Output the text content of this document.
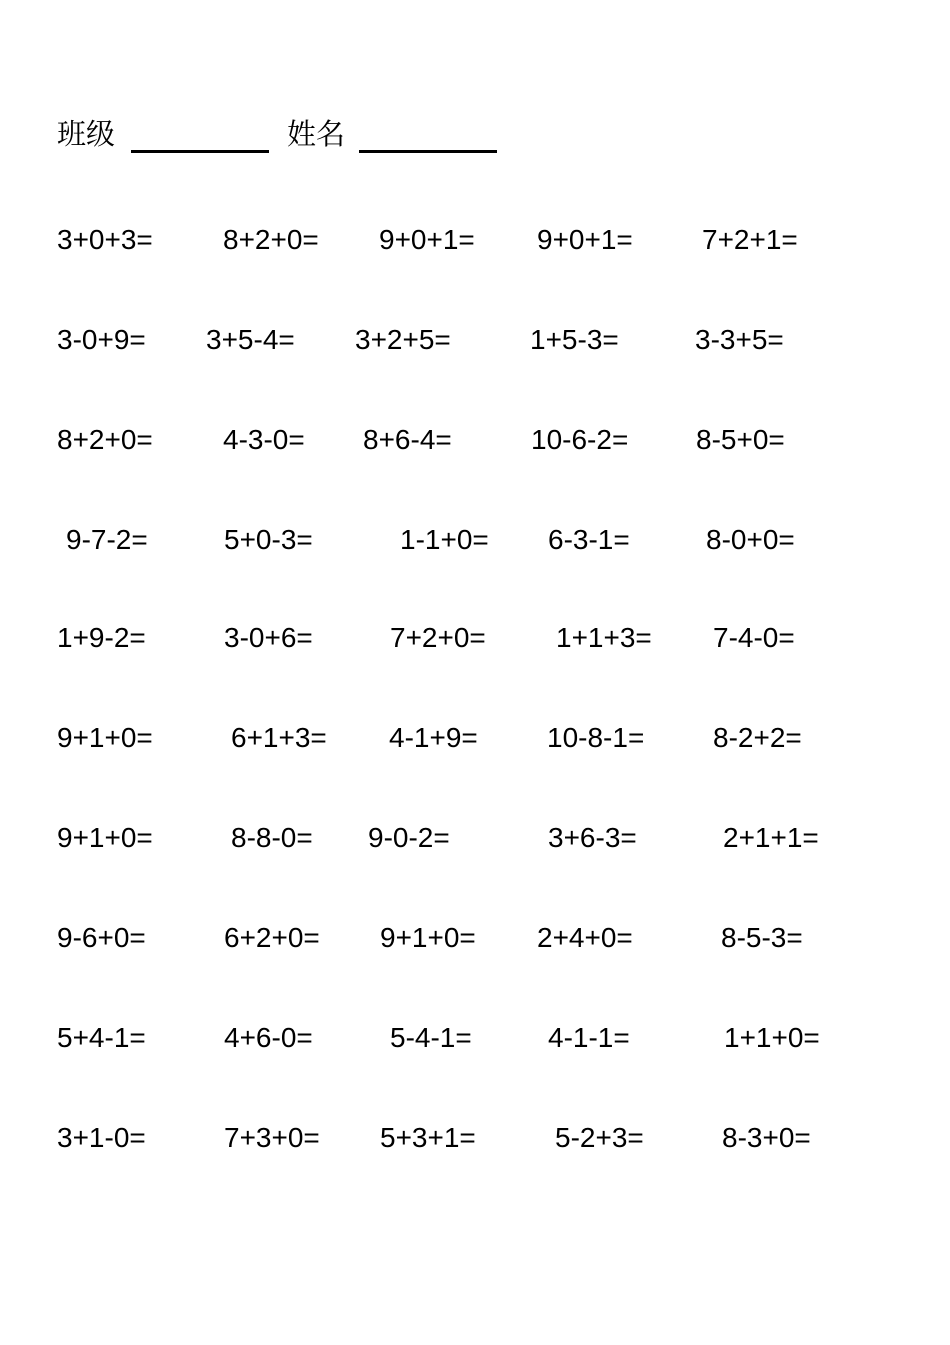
班级	姓名
3+0+3=	8+2+0= 9+0+1= 9+0+1= 7+2+1=
3-0+9= 3+5-4= 3+2+5=	1+5-3=	3-3+5=
8+2+0=	4-3-0= 8+6-4=	10-6-2= 8-5+0=
9-7-2=	5+0-3=	1-1+0= 6-3-1=	8-0+0=
1+9-2=	3-0+6=	7+2+0=	1+1+3= 7-4-0=
9+1+0=	6+1+3= 4-1+9= 10-8-1= 8-2+2=
9+1+0=	8-8-0= 9-0-2=	3+6-3=	2+1+1=
9-6+0=	6+2+0= 9+1+0= 2+4+0=	8-5-3=
5+4-1=	4+6-0=	5-4-1=	4-1-1=	1+1+0=
3+1-0=	7+3+0= 5+3+1=	5-2+3=	8-3+0=
